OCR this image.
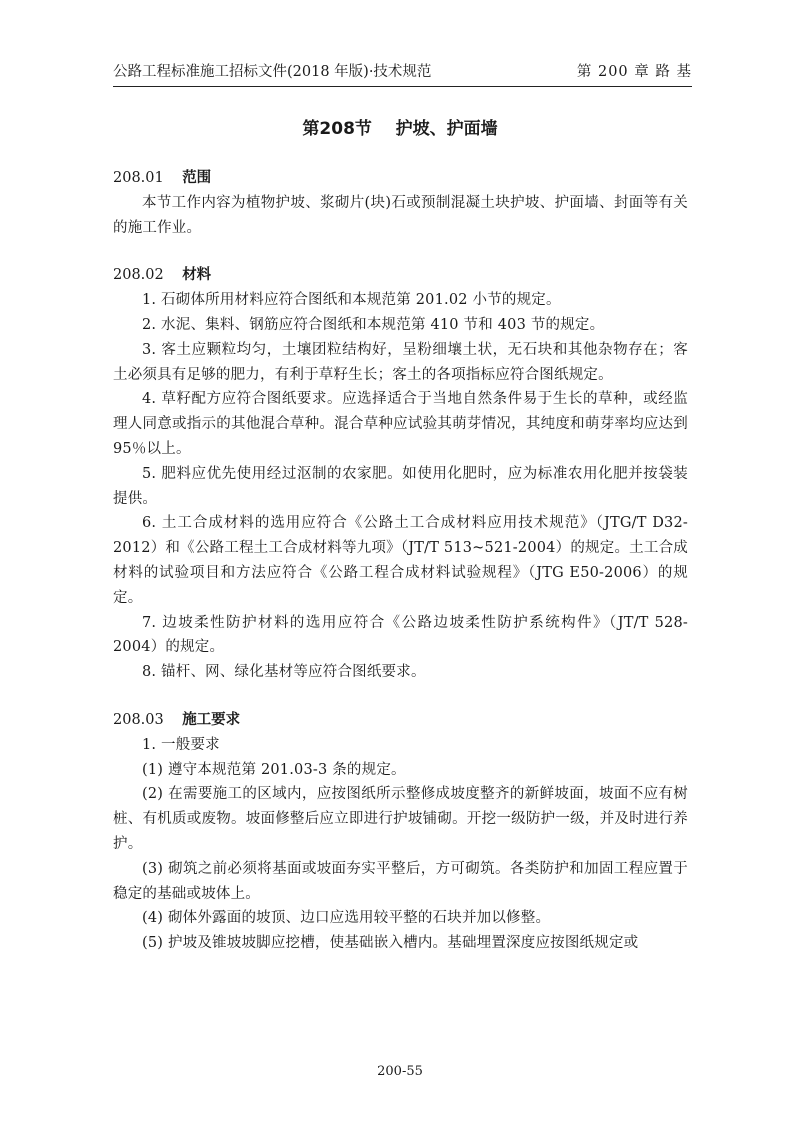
公路工程标准施工招标文件(2018 年版)·技术规范	第 200 章 路 基
第208节    护坡、护面墙

208.01 范围

本节工作内容为植物护坡、浆砌片(块)石或预制混凝土块护坡、护面墙、封面等有关的施工作业。

208.02 材料

1. 石砌体所用材料应符合图纸和本规范第 201.02 小节的规定。

2. 水泥、集料、钢筋应符合图纸和本规范第 410 节和 403 节的规定。

3. 客土应颗粒均匀，土壤团粒结构好，呈粉细壤土状，无石块和其他杂物存在；客土必须具有足够的肥力，有利于草籽生长；客土的各项指标应符合图纸规定。

4. 草籽配方应符合图纸要求。应选择适合于当地自然条件易于生长的草种，或经监理人同意或指示的其他混合草种。混合草种应试验其萌芽情况，其纯度和萌芽率均应达到 95％以上。

5. 肥料应优先使用经过沤制的农家肥。如使用化肥时，应为标准农用化肥并按袋装提供。

6. 土工合成材料的选用应符合《公路土工合成材料应用技术规范》（JTG/T D32-2012）和《公路工程土工合成材料等九项》（JT/T 513~521-2004）的规定。土工合成材料的试验项目和方法应符合《公路工程合成材料试验规程》（JTG E50-2006）的规定。

7. 边坡柔性防护材料的选用应符合《公路边坡柔性防护系统构件》（JT/T 528-2004）的规定。

8. 锚杆、网、绿化基材等应符合图纸要求。

208.03 施工要求

1. 一般要求

(1) 遵守本规范第 201.03-3 条的规定。

(2) 在需要施工的区域内，应按图纸所示整修成坡度整齐的新鲜坡面，坡面不应有树桩、有机质或废物。坡面修整后应立即进行护坡铺砌。开挖一级防护一级，并及时进行养护。

(3) 砌筑之前必须将基面或坡面夯实平整后，方可砌筑。各类防护和加固工程应置于稳定的基础或坡体上。

(4) 砌体外露面的坡顶、边口应选用较平整的石块并加以修整。

(5) 护坡及锥坡坡脚应挖槽，使基础嵌入槽内。基础埋置深度应按图纸规定或

200-55
